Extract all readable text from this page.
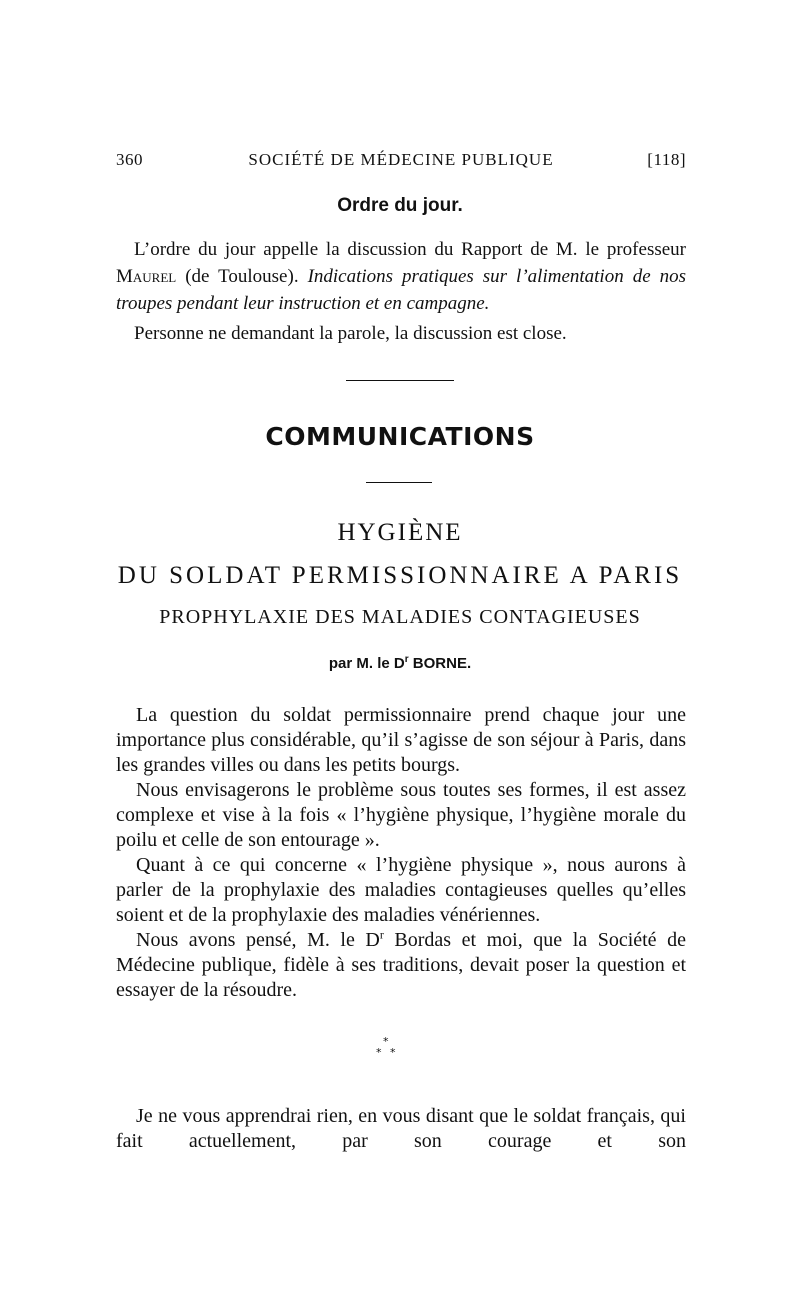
360	SOCIÉTÉ DE MÉDECINE PUBLIQUE	[118]
Ordre du jour.
L’ordre du jour appelle la discussion du Rapport de M. le professeur Maurel (de Toulouse). Indications pratiques sur l’alimentation de nos troupes pendant leur instruction et en campagne.
Personne ne demandant la parole, la discussion est close.
COMMUNICATIONS
HYGIÈNE
DU SOLDAT PERMISSIONNAIRE A PARIS
PROPHYLAXIE DES MALADIES CONTAGIEUSES
par M. le $D^r$ BORNE.

La question du soldat permissionnaire prend chaque jour une importance plus considérable, qu’il s’agisse de son séjour à Paris, dans les grandes villes ou dans les petits bourgs.

Nous envisagerons le problème sous toutes ses formes, il est assez complexe et vise à la fois « l’hygiène physique, l’hygiène morale du poilu et celle de son entourage ».

Quant à ce qui concerne « l’hygiène physique », nous aurons à parler de la prophylaxie des maladies contagieuses quelles qu’elles soient et de la prophylaxie des maladies vénériennes.

Nous avons pensé, M. le $D^r$ Bordas et moi, que la Société de Médecine publique, fidèle à ses traditions, devait poser la question et essayer de la résoudre.

*
* *

Je ne vous apprendrai rien, en vous disant que le soldat français, qui fait actuellement, par son courage et son
